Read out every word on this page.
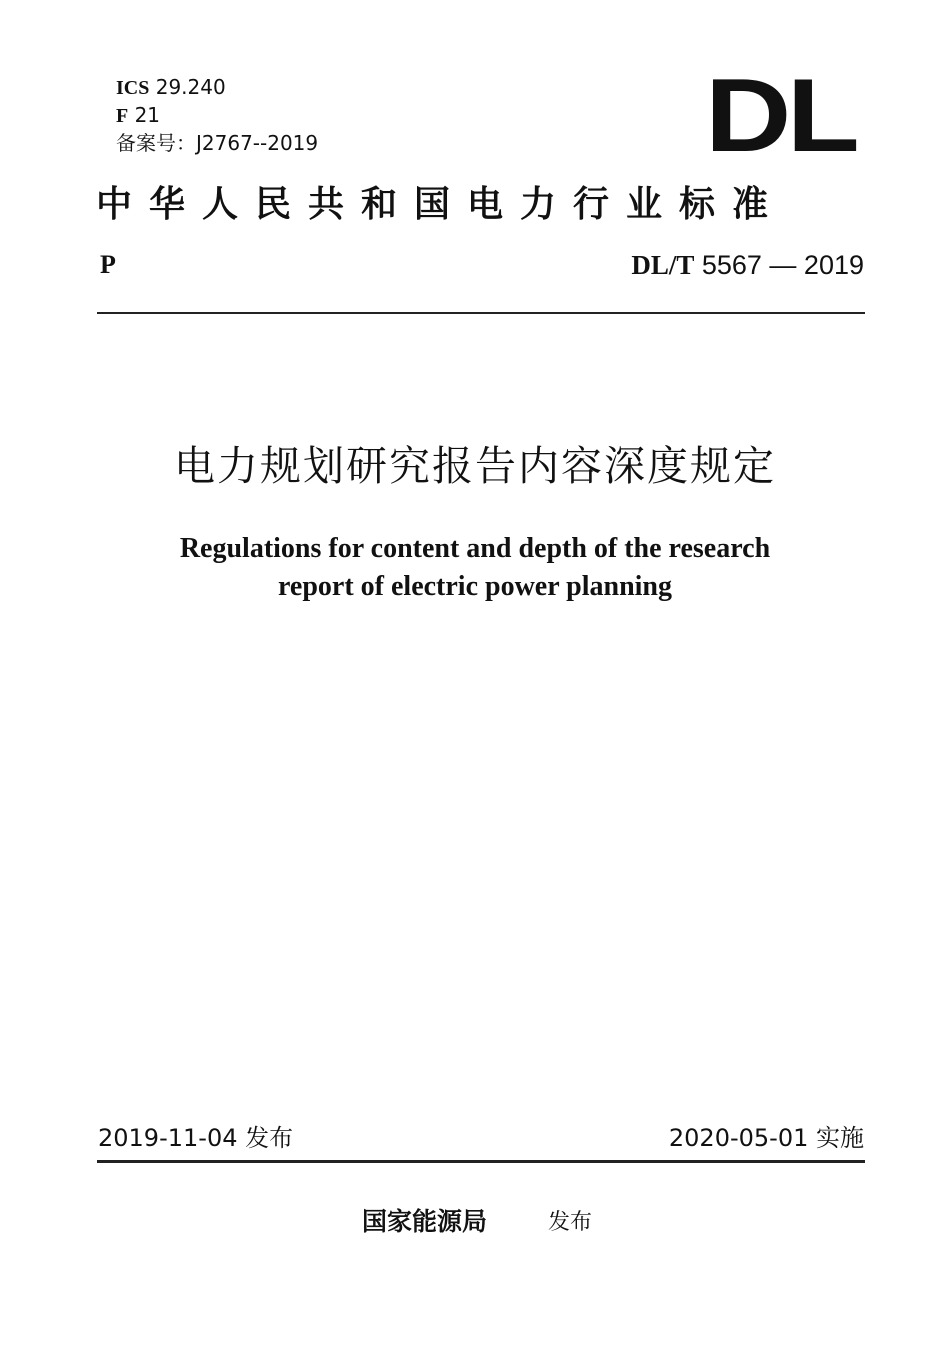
ICS 29.240
F 21
备案号：J2767--2019	DL
中华人民共和国电力行业标准
P	DL/T 5567 — 2019
电力规划研究报告内容深度规定
Regulations for content and depth of the research
report of electric power planning
2019-11-04 发布	2020-05-01 实施
国家能源局	发布
